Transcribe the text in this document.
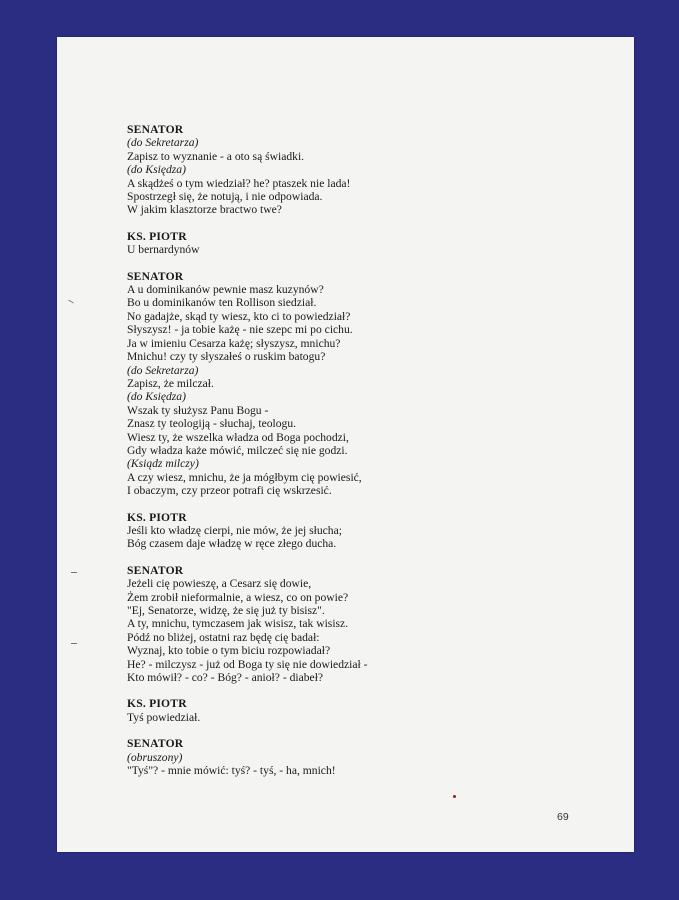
SENATOR
(do Sekretarza)
Zapisz to wyznanie - a oto są świadki.
(do Księdza)
A skądżeś o tym wiedział? he? ptaszek nie lada!
Spostrzegł się, że notują, i nie odpowiada.
W jakim klasztorze bractwo twe?
KS. PIOTR
U bernardynów
SENATOR
A u dominikanów pewnie masz kuzynów?
Bo u dominikanów ten Rollison siedział.
No gadajże, skąd ty wiesz, kto ci to powiedział?
Słyszysz! - ja tobie każę - nie szepc mi po cichu.
Ja w imieniu Cesarza każę; słyszysz, mnichu?
Mnichu! czy ty słyszałeś o ruskim batogu?
(do Sekretarza)
Zapisz, że milczał.
(do Księdza)
Wszak ty służysz Panu Bogu -
Znasz ty teologiją - słuchaj, teologu.
Wiesz ty, że wszelka władza od Boga pochodzi,
Gdy władza każe mówić, milczeć się nie godzi.
(Ksiądz milczy)
A czy wiesz, mnichu, że ja mógłbym cię powiesić,
I obaczym, czy przeor potrafi cię wskrzesić.
KS. PIOTR
Jeśli kto władzę cierpi, nie mów, że jej słucha;
Bóg czasem daje władzę w ręce złego ducha.
SENATOR
Jeżeli cię powieszę, a Cesarz się dowie,
Żem zrobił nieformalnie, a wiesz, co on powie?
"Ej, Senatorze, widzę, że się już ty bisisz".
A ty, mnichu, tymczasem jak wisisz, tak wisisz.
Pódź no bliżej, ostatni raz będę cię badał:
Wyznaj, kto tobie o tym biciu rozpowiadał?
He? - milczysz - już od Boga ty się nie dowiedział -
Kto mówił? - co? - Bóg? - anioł? - diabeł?
KS. PIOTR
Tyś powiedział.
SENATOR
(obruszony)
"Tyś"? - mnie mówić: tyś? - tyś, - ha, mnich!
69
